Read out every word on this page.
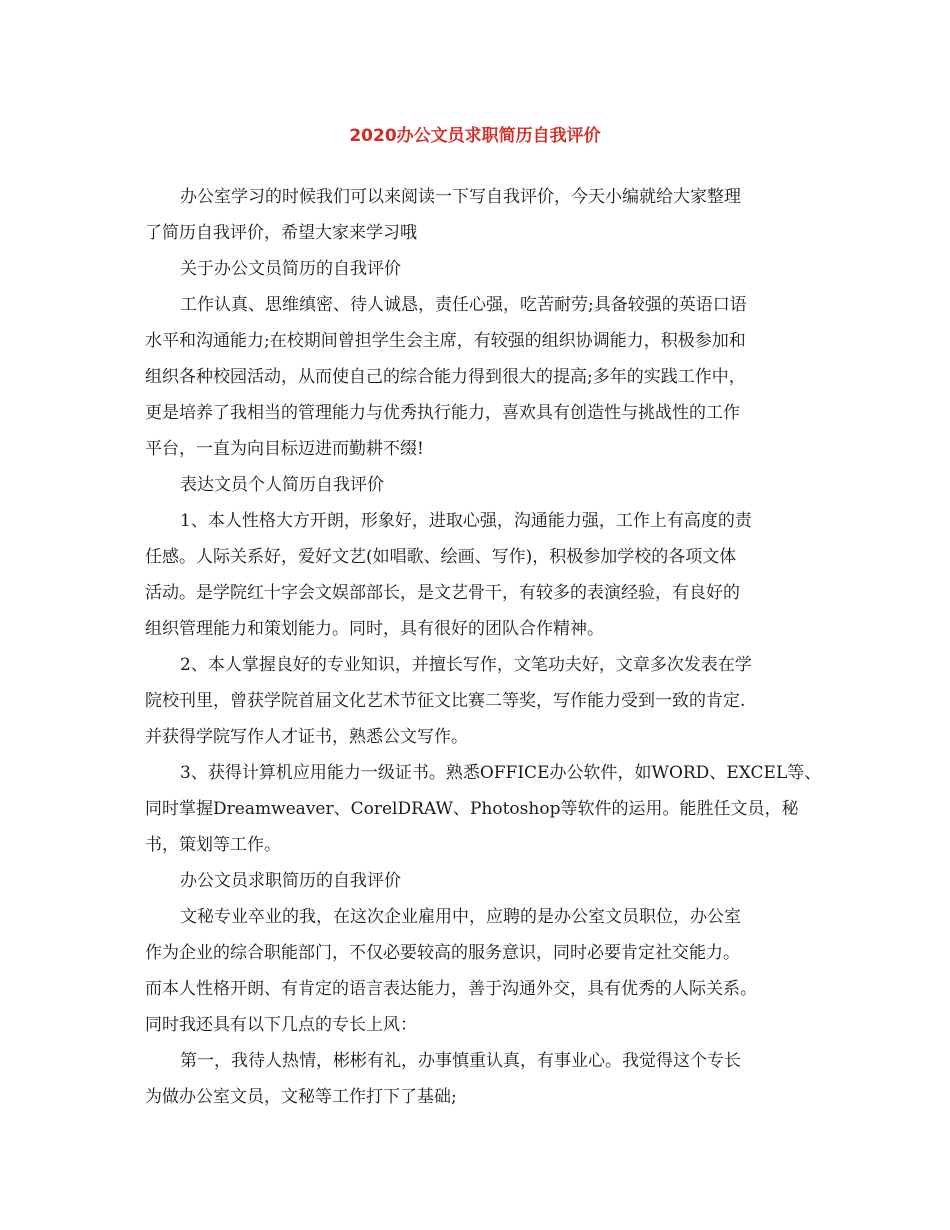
2020办公文员求职简历自我评价
办公室学习的时候我们可以来阅读一下写自我评价，今天小编就给大家整理
了简历自我评价，希望大家来学习哦
关于办公文员简历的自我评价
工作认真、思维缜密、待人诚恳，责任心强，吃苦耐劳;具备较强的英语口语
水平和沟通能力;在校期间曾担学生会主席，有较强的组织协调能力，积极参加和
组织各种校园活动，从而使自己的综合能力得到很大的提高;多年的实践工作中，
更是培养了我相当的管理能力与优秀执行能力，喜欢具有创造性与挑战性的工作
平台，一直为向目标迈进而勤耕不缀!
表达文员个人简历自我评价
1、本人性格大方开朗，形象好，进取心强，沟通能力强，工作上有高度的责
任感。人际关系好，爱好文艺(如唱歌、绘画、写作)，积极参加学校的各项文体
活动。是学院红十字会文娱部部长，是文艺骨干，有较多的表演经验，有良好的
组织管理能力和策划能力。同时，具有很好的团队合作精神。
2、本人掌握良好的专业知识，并擅长写作，文笔功夫好，文章多次发表在学
院校刊里，曾获学院首届文化艺术节征文比赛二等奖，写作能力受到一致的肯定.
并获得学院写作人才证书，熟悉公文写作。
3、获得计算机应用能力一级证书。熟悉OFFICE办公软件，如WORD、EXCEL等、
同时掌握Dreamweaver、CorelDRAW、Photoshop等软件的运用。能胜任文员，秘
书，策划等工作。
办公文员求职简历的自我评价
文秘专业卒业的我，在这次企业雇用中，应聘的是办公室文员职位，办公室
作为企业的综合职能部门，不仅必要较高的服务意识，同时必要肯定社交能力。
而本人性格开朗、有肯定的语言表达能力，善于沟通外交，具有优秀的人际关系。
同时我还具有以下几点的专长上风：
第一，我待人热情，彬彬有礼，办事慎重认真，有事业心。我觉得这个专长
为做办公室文员，文秘等工作打下了基础;
